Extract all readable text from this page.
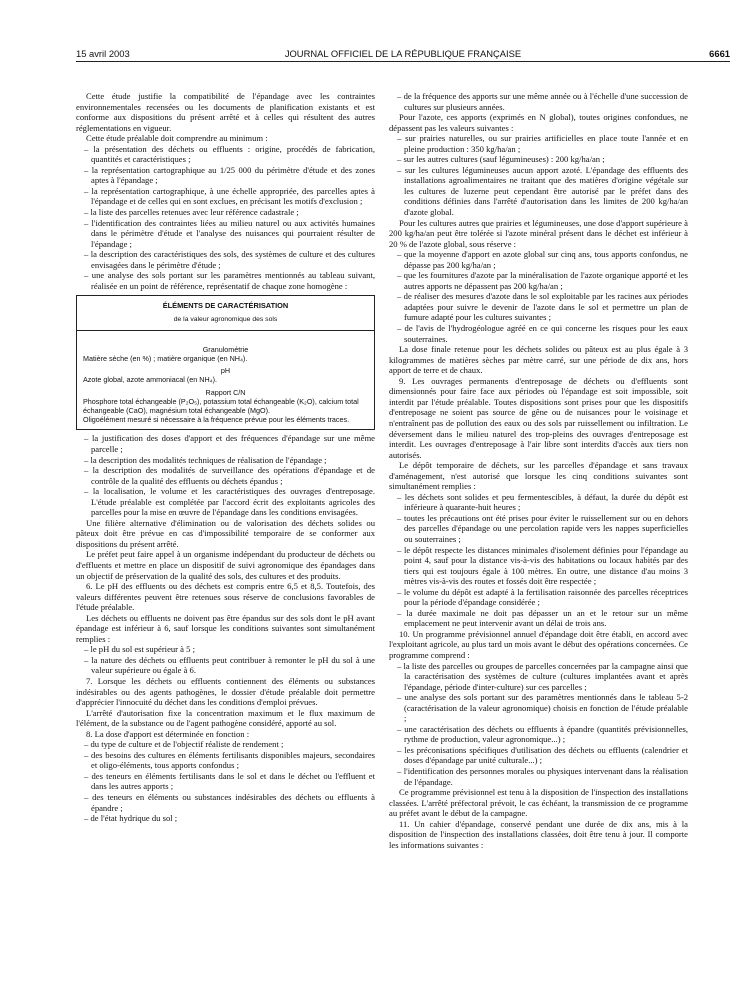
15 avril 2003	JOURNAL OFFICIEL DE LA RÉPUBLIQUE FRANÇAISE	6661

Cette étude justifie la compatibilité de l'épandage avec les contraintes environnementales recensées ou les documents de planification existants et est conforme aux dispositions du présent arrêté et à celles qui résultent des autres réglementations en vigueur.

Cette étude préalable doit comprendre au minimum :

– la présentation des déchets ou effluents : origine, procédés de fabrication, quantités et caractéristiques ;

– la représentation cartographique au 1/25 000 du périmètre d'étude et des zones aptes à l'épandage ;

– la représentation cartographique, à une échelle appropriée, des parcelles aptes à l'épandage et de celles qui en sont exclues, en précisant les motifs d'exclusion ;

– la liste des parcelles retenues avec leur référence cadastrale ;

– l'identification des contraintes liées au milieu naturel ou aux activités humaines dans le périmètre d'étude et l'analyse des nuisances qui pourraient résulter de l'épandage ;

– la description des caractéristiques des sols, des systèmes de culture et des cultures envisagées dans le périmètre d'étude ;

– une analyse des sols portant sur les paramètres mentionnés au tableau suivant, réalisée en un point de référence, représentatif de chaque zone homogène :

ÉLÉMENTS DE CARACTÉRISATION
de la valeur agronomique des sols
Granulométrie
Matière sèche (en %) ; matière organique (en NH₄).
pH
Azote global, azote ammoniacal (en NH₄).
Rapport C/N
Phosphore total échangeable (P₂O₅), potassium total échangeable (K₂O), calcium total échangeable (CaO), magnésium total échangeable (MgO).
Oligoélément mesuré si nécessaire à la fréquence prévue pour les éléments traces.

– la justification des doses d'apport et des fréquences d'épandage sur une même parcelle ;

– la description des modalités techniques de réalisation de l'épandage ;

– la description des modalités de surveillance des opérations d'épandage et de contrôle de la qualité des effluents ou déchets épandus ;

– la localisation, le volume et les caractéristiques des ouvrages d'entreposage. L'étude préalable est complétée par l'accord écrit des exploitants agricoles des parcelles pour la mise en œuvre de l'épandage dans les conditions envisagées.

Une filière alternative d'élimination ou de valorisation des déchets solides ou pâteux doit être prévue en cas d'impossibilité temporaire de se conformer aux dispositions du présent arrêté.

Le préfet peut faire appel à un organisme indépendant du producteur de déchets ou d'effluents et mettre en place un dispositif de suivi agronomique des épandages dans un objectif de préservation de la qualité des sols, des cultures et des produits.

6. Le pH des effluents ou des déchets est compris entre 6,5 et 8,5. Toutefois, des valeurs différentes peuvent être retenues sous réserve de conclusions favorables de l'étude préalable.

Les déchets ou effluents ne doivent pas être épandus sur des sols dont le pH avant épandage est inférieur à 6, sauf lorsque les conditions suivantes sont simultanément remplies :

– le pH du sol est supérieur à 5 ;

– la nature des déchets ou effluents peut contribuer à remonter le pH du sol à une valeur supérieure ou égale à 6.

7. Lorsque les déchets ou effluents contiennent des éléments ou substances indésirables ou des agents pathogènes, le dossier d'étude préalable doit permettre d'apprécier l'innocuité du déchet dans les conditions d'emploi prévues.

L'arrêté d'autorisation fixe la concentration maximum et le flux maximum de l'élément, de la substance ou de l'agent pathogène considéré, apporté au sol.

8. La dose d'apport est déterminée en fonction :

– du type de culture et de l'objectif réaliste de rendement ;

– des besoins des cultures en éléments fertilisants disponibles majeurs, secondaires et oligo-éléments, tous apports confondus ;

– des teneurs en éléments fertilisants dans le sol et dans le déchet ou l'effluent et dans les autres apports ;

– des teneurs en éléments ou substances indésirables des déchets ou effluents à épandre ;

– de l'état hydrique du sol ;

– de la fréquence des apports sur une même année ou à l'échelle d'une succession de cultures sur plusieurs années.

Pour l'azote, ces apports (exprimés en N global), toutes origines confondues, ne dépassent pas les valeurs suivantes :

– sur prairies naturelles, ou sur prairies artificielles en place toute l'année et en pleine production : 350 kg/ha/an ;

– sur les autres cultures (sauf légumineuses) : 200 kg/ha/an ;

– sur les cultures légumineuses aucun apport azoté. L'épandage des effluents des installations agroalimentaires ne traitant que des matières d'origine végétale sur les cultures de luzerne peut cependant être autorisé par le préfet dans des conditions définies dans l'arrêté d'autorisation dans les limites de 200 kg/ha/an d'azote global.

Pour les cultures autres que prairies et légumineuses, une dose d'apport supérieure à 200 kg/ha/an peut être tolérée si l'azote minéral présent dans le déchet est inférieur à 20 % de l'azote global, sous réserve :

– que la moyenne d'apport en azote global sur cinq ans, tous apports confondus, ne dépasse pas 200 kg/ha/an ;

– que les fournitures d'azote par la minéralisation de l'azote organique apporté et les autres apports ne dépassent pas 200 kg/ha/an ;

– de réaliser des mesures d'azote dans le sol exploitable par les racines aux périodes adaptées pour suivre le devenir de l'azote dans le sol et permettre un plan de fumure adapté pour les cultures suivantes ;

– de l'avis de l'hydrogéologue agréé en ce qui concerne les risques pour les eaux souterraines.

La dose finale retenue pour les déchets solides ou pâteux est au plus égale à 3 kilogrammes de matières sèches par mètre carré, sur une période de dix ans, hors apport de terre et de chaux.

9. Les ouvrages permanents d'entreposage de déchets ou d'effluents sont dimensionnés pour faire face aux périodes où l'épandage est soit impossible, soit interdit par l'étude préalable. Toutes dispositions sont prises pour que les dispositifs d'entreposage ne soient pas source de gêne ou de nuisances pour le voisinage et n'entraînent pas de pollution des eaux ou des sols par ruissellement ou infiltration. Le déversement dans le milieu naturel des trop-pleins des ouvrages d'entreposage est interdit. Les ouvrages d'entreposage à l'air libre sont interdits d'accès aux tiers non autorisés.

Le dépôt temporaire de déchets, sur les parcelles d'épandage et sans travaux d'aménagement, n'est autorisé que lorsque les cinq conditions suivantes sont simultanément remplies :

– les déchets sont solides et peu fermentescibles, à défaut, la durée du dépôt est inférieure à quarante-huit heures ;

– toutes les précautions ont été prises pour éviter le ruissellement sur ou en dehors des parcelles d'épandage ou une percolation rapide vers les nappes superficielles ou souterraines ;

– le dépôt respecte les distances minimales d'isolement définies pour l'épandage au point 4, sauf pour la distance vis-à-vis des habitations ou locaux habités par des tiers qui est toujours égale à 100 mètres. En outre, une distance d'au moins 3 mètres vis-à-vis des routes et fossés doit être respectée ;

– le volume du dépôt est adapté à la fertilisation raisonnée des parcelles réceptrices pour la période d'épandage considérée ;

– la durée maximale ne doit pas dépasser un an et le retour sur un même emplacement ne peut intervenir avant un délai de trois ans.

10. Un programme prévisionnel annuel d'épandage doit être établi, en accord avec l'exploitant agricole, au plus tard un mois avant le début des opérations concernées. Ce programme comprend :

– la liste des parcelles ou groupes de parcelles concernées par la campagne ainsi que la caractérisation des systèmes de culture (cultures implantées avant et après l'épandage, période d'inter-culture) sur ces parcelles ;

– une analyse des sols portant sur des paramètres mentionnés dans le tableau 5-2 (caractérisation de la valeur agronomique) choisis en fonction de l'étude préalable ;

– une caractérisation des déchets ou effluents à épandre (quantités prévisionnelles, rythme de production, valeur agronomique...) ;

– les préconisations spécifiques d'utilisation des déchets ou effluents (calendrier et doses d'épandage par unité culturale...) ;

– l'identification des personnes morales ou physiques intervenant dans la réalisation de l'épandage.

Ce programme prévisionnel est tenu à la disposition de l'inspection des installations classées. L'arrêté préfectoral prévoit, le cas échéant, la transmission de ce programme au préfet avant le début de la campagne.

11. Un cahier d'épandage, conservé pendant une durée de dix ans, mis à la disposition de l'inspection des installations classées, doit être tenu à jour. Il comporte les informations suivantes :
